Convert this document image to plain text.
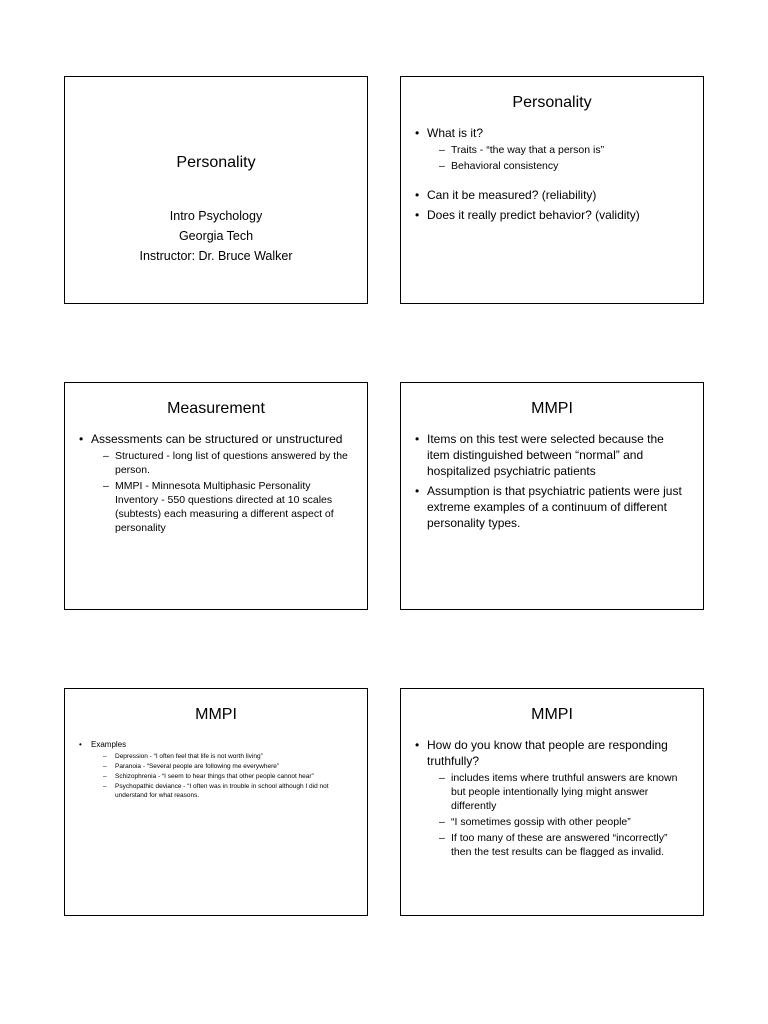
Personality
Intro Psychology
Georgia Tech
Instructor: Dr. Bruce Walker
Personality
• What is it?
– Traits - “the way that a person is”
– Behavioral consistency
• Can it be measured? (reliability)
• Does it really predict behavior? (validity)
Measurement
• Assessments can be structured or unstructured
– Structured - long list of questions answered by the person.
– MMPI - Minnesota Multiphasic Personality Inventory - 550 questions directed at 10 scales (subtests) each measuring a different aspect of personality
MMPI
• Items on this test were selected because the item distinguished between “normal” and hospitalized psychiatric patients
• Assumption is that psychiatric patients were just extreme examples of a continuum of different personality types.
MMPI
• Examples
– Depression - “I often feel that life is not worth living”
– Paranoia - “Several people are following me everywhere”
– Schizophrenia - “I seem to hear things that other people cannot hear”
– Psychopathic deviance - “I often was in trouble in school although I did not understand for what reasons.
MMPI
• How do you know that people are responding truthfully?
– includes items where truthful answers are known but people intentionally lying might answer differently
– “I sometimes gossip with other people”
– If too many of these are answered “incorrectly” then the test results can be flagged as invalid.
